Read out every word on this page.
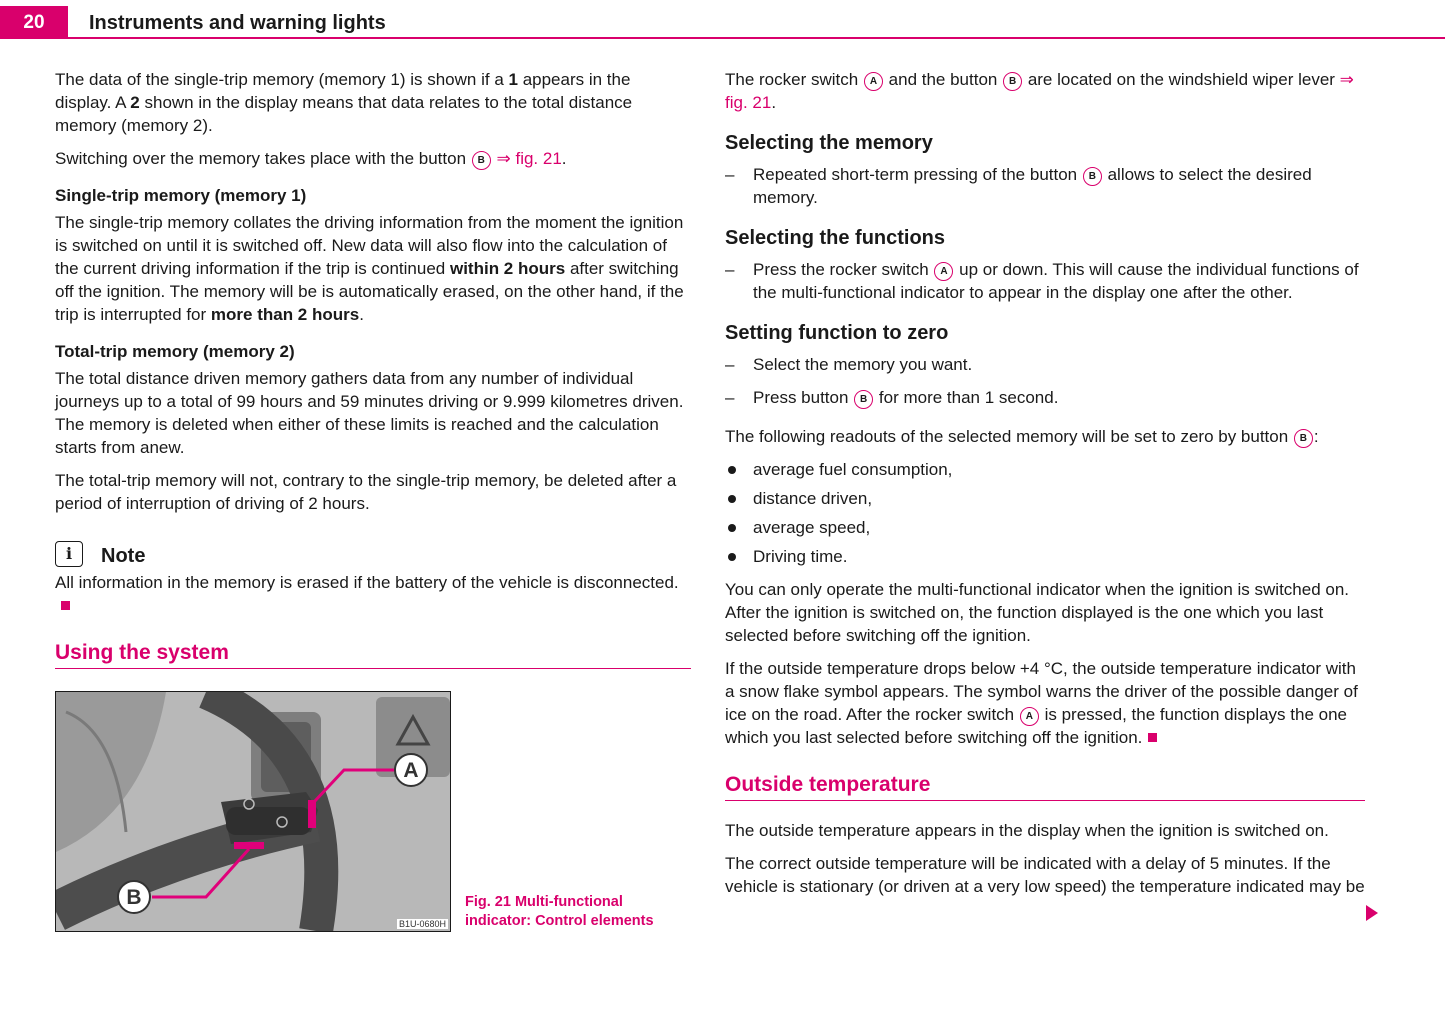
20	Instruments and warning lights

The data of the single-trip memory (memory 1) is shown if a 1 appears in the display. A 2 shown in the display means that data relates to the total distance memory (memory 2).

Switching over the memory takes place with the button B ⇒ fig. 21.

Single-trip memory (memory 1)

The single-trip memory collates the driving information from the moment the ignition is switched on until it is switched off. New data will also flow into the calculation of the current driving information if the trip is continued within 2 hours after switching off the ignition. The memory will be is automatically erased, on the other hand, if the trip is interrupted for more than 2 hours.

Total-trip memory (memory 2)

The total distance driven memory gathers data from any number of individual journeys up to a total of 99 hours and 59 minutes driving or 9.999 kilometres driven. The memory is deleted when either of these limits is reached and the calculation starts from anew.

The total-trip memory will not, contrary to the single-trip memory, be deleted after a period of interruption of driving of 2 hours.

i	Note

All information in the memory is erased if the battery of the vehicle is disconnected.

Using the system
A
B
B1U-0680H
Fig. 21 Multi-functional indicator: Control elements

The rocker switch A and the button B are located on the windshield wiper lever ⇒ fig. 21.

Selecting the memory
– Repeated short-term pressing of the button B allows to select the desired memory.
Selecting the functions
– Press the rocker switch A up or down. This will cause the individual functions of the multi-functional indicator to appear in the display one after the other.
Setting function to zero
– Select the memory you want.
– Press button B for more than 1 second.

The following readouts of the selected memory will be set to zero by button B :

average fuel consumption,
distance driven,
average speed,
Driving time.

You can only operate the multi-functional indicator when the ignition is switched on. After the ignition is switched on, the function displayed is the one which you last selected before switching off the ignition.

If the outside temperature drops below +4 °C, the outside temperature indicator with a snow flake symbol appears. The symbol warns the driver of the possible danger of ice on the road. After the rocker switch A is pressed, the function displays the one which you last selected before switching off the ignition.

Outside temperature

The outside temperature appears in the display when the ignition is switched on.

The correct outside temperature will be indicated with a delay of 5 minutes. If the vehicle is stationary (or driven at a very low speed) the temperature indicated may be
